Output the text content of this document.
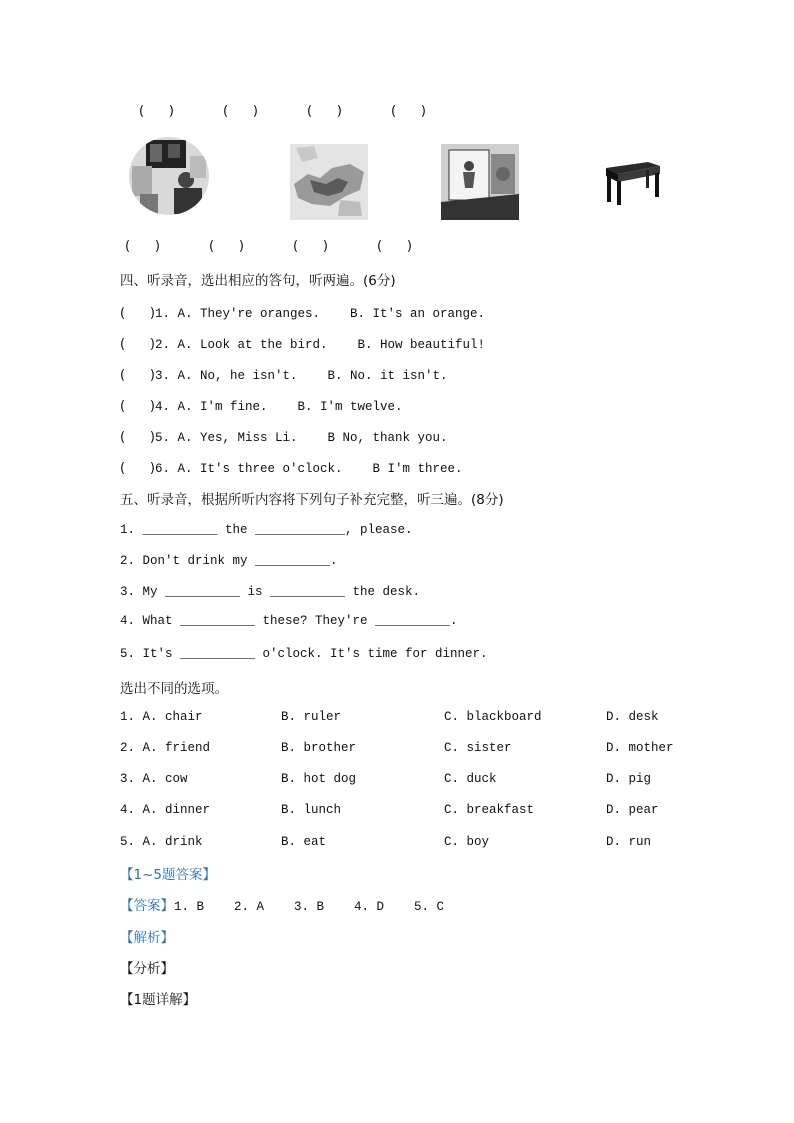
(      )	(      )	(      )	(      )
(      )	(      )	(      )	(      )
四、听录音，选出相应的答句，听两遍。(6分)
(      )1. A. They're oranges.    B. It's an orange.
(      )2. A. Look at the bird.    B. How beautiful!
(      )3. A. No, he isn't.    B. No. it isn't.
(      )4. A. I'm fine.    B. I'm twelve.
(      )5. A. Yes, Miss Li.    B No, thank you.
(      )6. A. It's three o'clock.    B I'm three.
五、听录音，根据所听内容将下列句子补充完整，听三遍。(8分)
1. __________ the ____________, please.
2. Don't drink my __________.
3. My __________ is __________ the desk.
4. What __________ these? They're __________.
5. It's __________ o'clock. It's time for dinner.
选出不同的选项。
1. A. chair	B. ruler	C. blackboard	D. desk
2. A. friend	B. brother	C. sister	D. mother
3. A. cow	B. hot dog	C. duck	D. pig
4. A. dinner	B. lunch	C. breakfast	D. pear
5. A. drink	B. eat	C. boy	D. run
【1~5题答案】
【答案】1. B    2. A    3. B    4. D    5. C
【解析】
【分析】
【1题详解】
